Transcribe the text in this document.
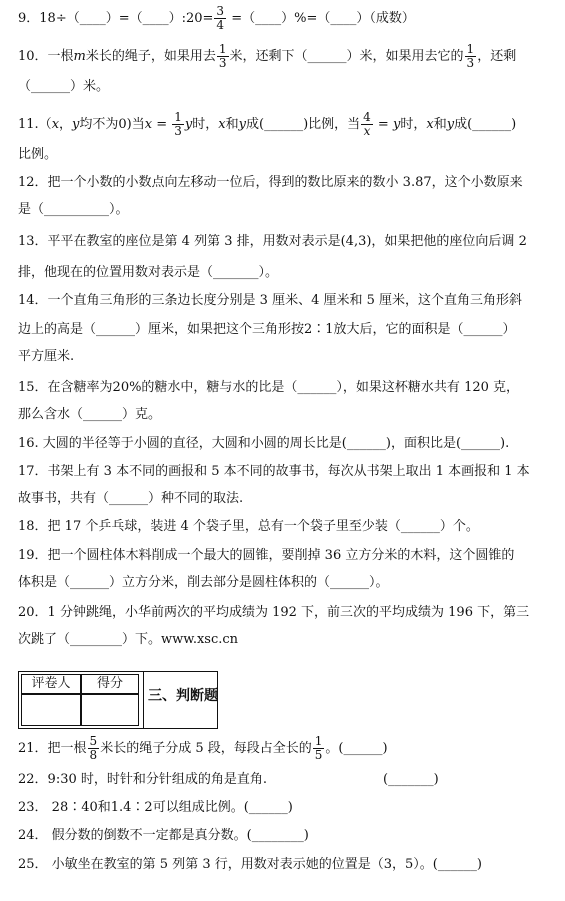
9．18÷（____）=（____）:20= $\frac{3}{4}$ =（____）%=（____）（成数）
10．一根m米长的绳子，如果用去 $\frac{1}{3}$ 米，还剩下（______）米，如果用去它的 $\frac{1}{3}$ ，还剩
（______）米。
11.（x，y均不为0)当$x = \frac{1}{3}$ y时，x和y成(______)比例，当 $\frac{4}{x} = y$时，x和y成(______)
比例。
12．把一个小数的小数点向左移动一位后，得到的数比原来的数小 3.87，这个小数原来
是（__________）。
13．平平在教室的座位是第 4 列第 3 排，用数对表示是(4,3)，如果把他的座位向后调 2
排，他现在的位置用数对表示是（_______）。
14．一个直角三角形的三条边长度分别是 3 厘米、4 厘米和 5 厘米，这个直角三角形斜
边上的高是（______）厘米，如果把这个三角形按2∶1放大后，它的面积是（______）
平方厘米.
15．在含糖率为20%的糖水中，糖与水的比是（______），如果这杯糖水共有 120 克，
那么含水（______）克。
16. 大圆的半径等于小圆的直径，大圆和小圆的周长比是(______)，面积比是(______).
17．书架上有 3 本不同的画报和 5 本不同的故事书，每次从书架上取出 1 本画报和 1 本
故事书，共有（______）种不同的取法.
18．把 17 个乒乓球，装进 4 个袋子里，总有一个袋子里至少装（______）个。
19．把一个圆柱体木料削成一个最大的圆锥，要削掉 36 立方分米的木料，这个圆锥的
体积是（______）立方分米，削去部分是圆柱体积的（______）。
20．1 分钟跳绳，小华前两次的平均成绩为 192 下，前三次的平均成绩为 196 下，第三
次跳了（________）下。www.xsc.cn
评卷人	得分
三、判断题
21．把一根 $\frac{5}{8}$ 米长的绳子分成 5 段，每段占全长的 $\frac{1}{5}$ 。(______)
22．9:30 时，时针和分针组成的角是直角.	(_______)
23． 28∶40和1.4∶2可以组成比例。(______)
24． 假分数的倒数不一定都是真分数。(________)
25． 小敏坐在教室的第 5 列第 3 行，用数对表示她的位置是（3，5）。(______)
